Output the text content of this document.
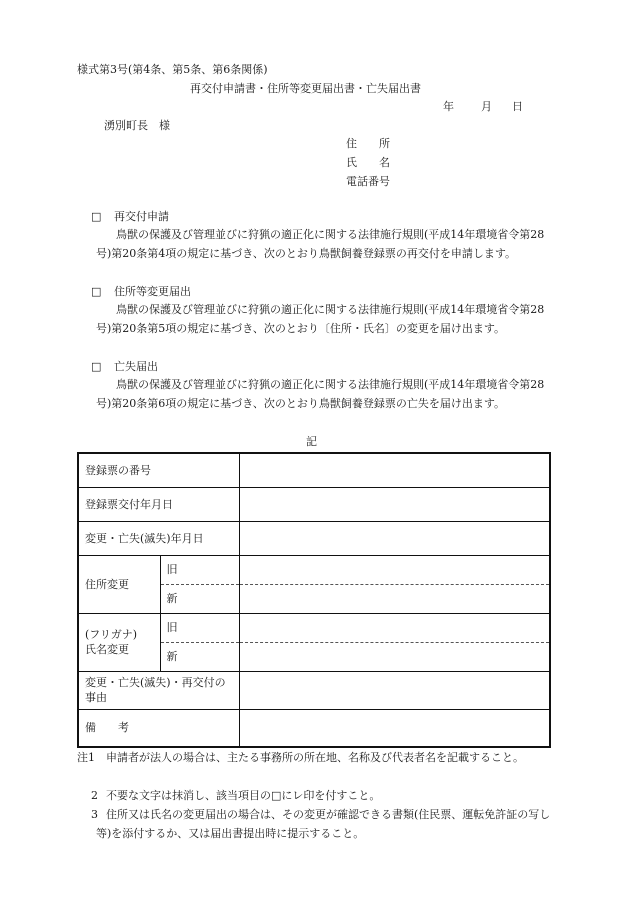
様式第3号(第4条、第5条、第6条関係)
再交付申請書・住所等変更届出書・亡失届出書
年 月 日
湧別町長　様
住　　所
氏　　名
電話番号
□ 再交付申請
鳥獣の保護及び管理並びに狩猟の適正化に関する法律施行規則(平成14年環境省令第28号)第20条第4項の規定に基づき、次のとおり鳥獣飼養登録票の再交付を申請します。
□ 住所等変更届出
鳥獣の保護及び管理並びに狩猟の適正化に関する法律施行規則(平成14年環境省令第28号)第20条第5項の規定に基づき、次のとおり〔住所・氏名〕の変更を届け出ます。
□ 亡失届出
鳥獣の保護及び管理並びに狩猟の適正化に関する法律施行規則(平成14年環境省令第28号)第20条第6項の規定に基づき、次のとおり鳥獣飼養登録票の亡失を届け出ます。
記
登録票の番号		
登録票交付年月日		
変更・亡失(滅失)年月日		
住所変更	旧	
	新	

(フリガナ)
氏名変更	旧	
	新	
変更・亡失(滅失)・再交付の事由		
備　　考		
注1	申請者が法人の場合は、主たる事務所の所在地、名称及び代表者名を記載すること。
2 不要な文字は抹消し、該当項目の□にレ印を付すこと。
3 住所又は氏名の変更届出の場合は、その変更が確認できる書類(住民票、運転免許証の写し等)を添付するか、又は届出書提出時に提示すること。
